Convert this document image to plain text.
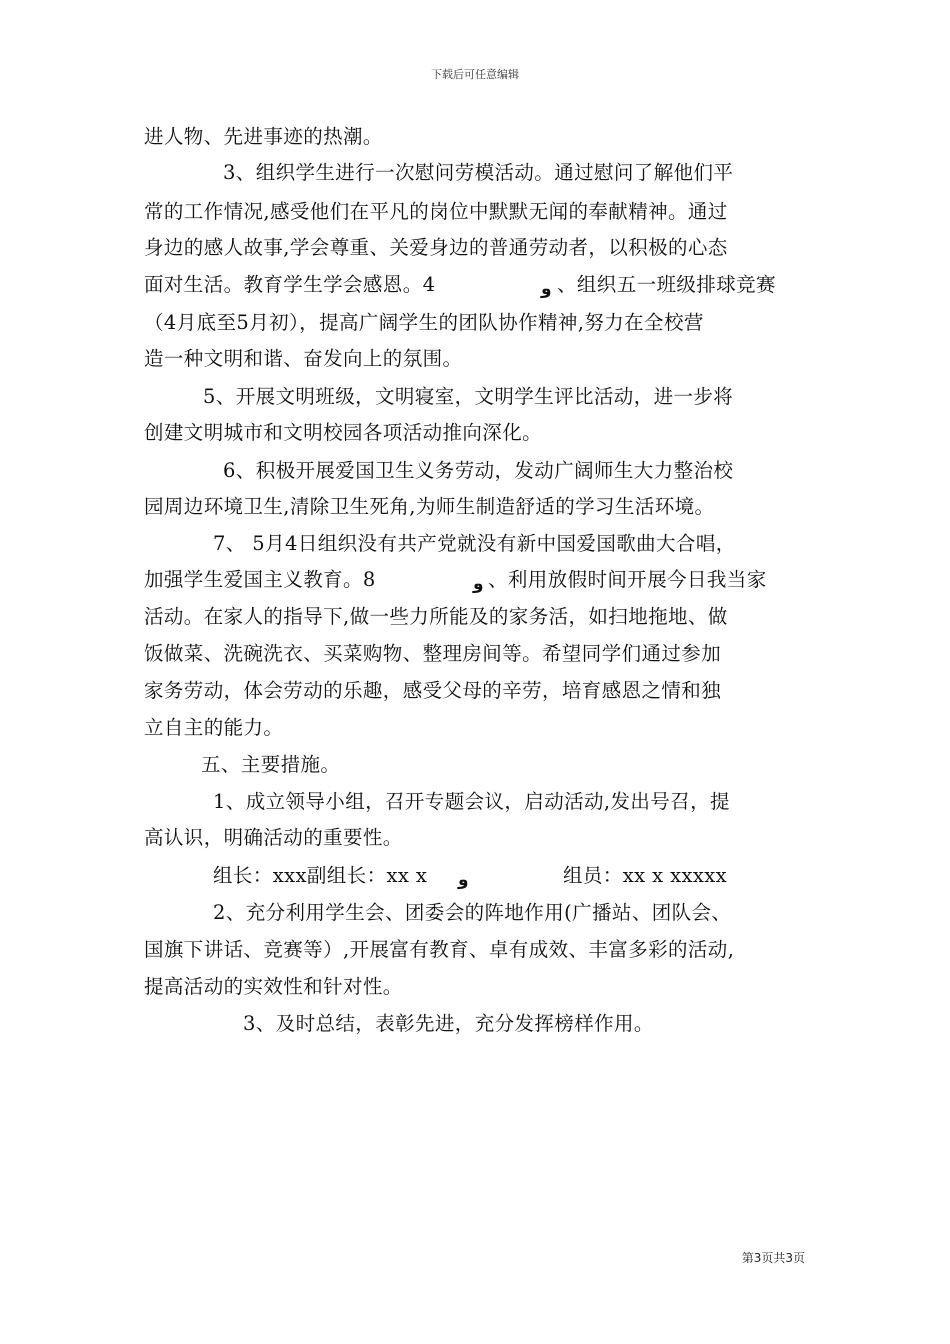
下载后可任意编辑
进人物、先进事迹的热潮。
3、组织学生进行一次慰问劳模活动。通过慰问了解他们平
常的工作情况,感受他们在平凡的岗位中默默无闻的奉献精神。通过
身边的感人故事,学会尊重、关爱身边的普通劳动者，以积极的心态
面对生活。教育学生学会感恩。4	و 、组织五一班级排球竞赛
（4月底至5月初），提高广阔学生的团队协作精神,努力在全校营
造一种文明和谐、奋发向上的氛围。
5、开展文明班级，文明寝室，文明学生评比活动，进一步将
创建文明城市和文明校园各项活动推向深化。
6、积极开展爱国卫生义务劳动，发动广阔师生大力整治校
园周边环境卫生,清除卫生死角,为师生制造舒适的学习生活环境。
7、 5月4日组织没有共产党就没有新中国爱国歌曲大合唱，
加强学生爱国主义教育。8	و 、利用放假时间开展今日我当家
活动。在家人的指导下,做一些力所能及的家务活，如扫地拖地、做
饭做菜、洗碗洗衣、买菜购物、整理房间等。希望同学们通过参加
家务劳动，体会劳动的乐趣，感受父母的辛劳，培育感恩之情和独
立自主的能力。
五、主要措施。
1、成立领导小组，召开专题会议，启动活动,发出号召，提
高认识，明确活动的重要性。
组长：xxx副组长：xx x و	组员：xx x xxxxx
2、充分利用学生会、团委会的阵地作用(广播站、团队会、
国旗下讲话、竞赛等）,开展富有教育、卓有成效、丰富多彩的活动,
提高活动的实效性和针对性。
3、及时总结，表彰先进，充分发挥榜样作用。
第3页共3页
